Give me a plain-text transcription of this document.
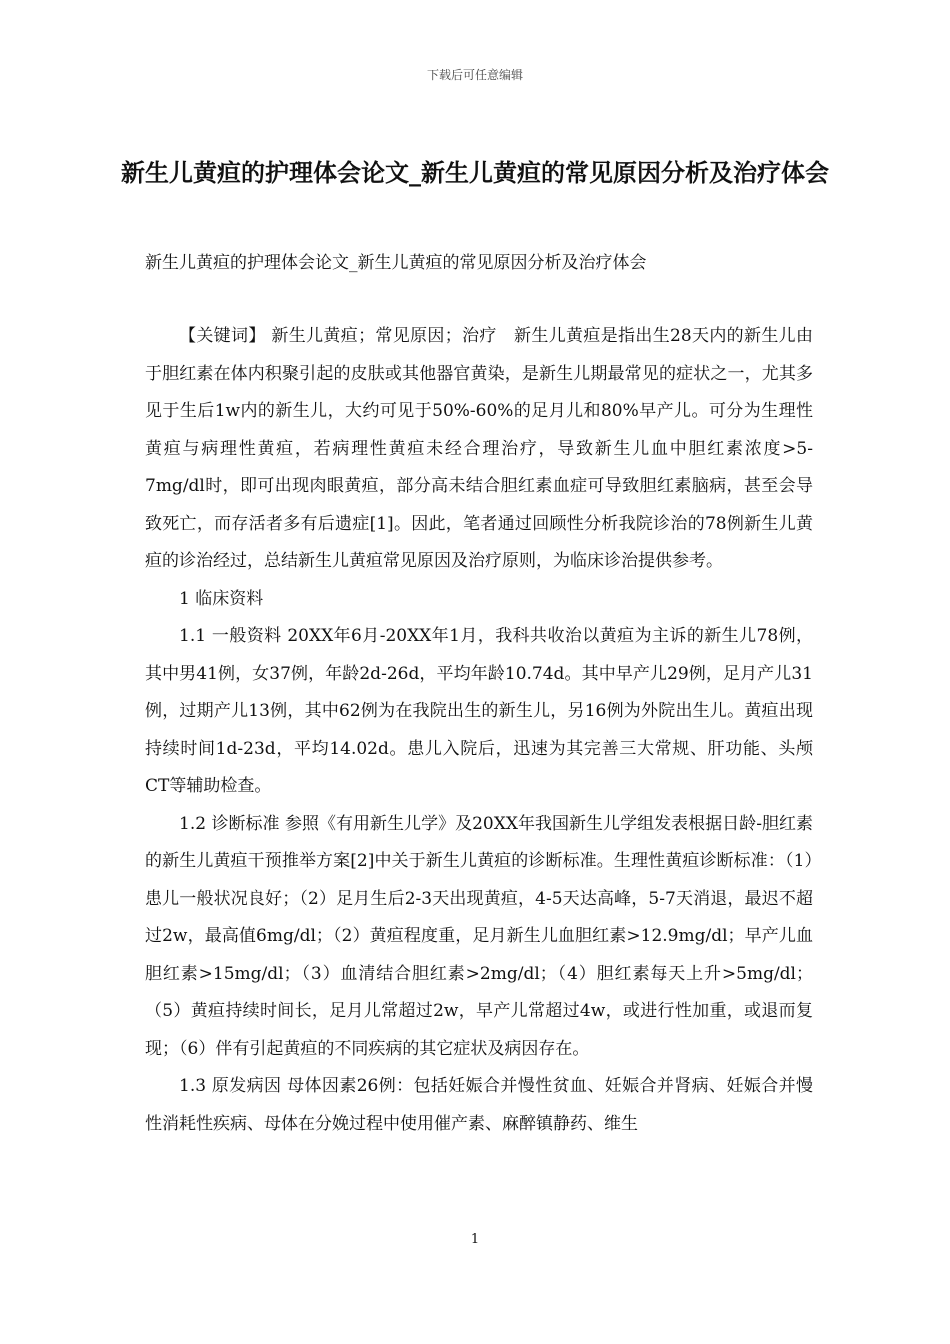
下载后可任意编辑
新生儿黄疸的护理体会论文_新生儿黄疸的常见原因分析及治疗体会

新生儿黄疸的护理体会论文_新生儿黄疸的常见原因分析及治疗体会

【关键词】 新生儿黄疸；常见原因；治疗　新生儿黄疸是指出生28天内的新生儿由于胆红素在体内积聚引起的皮肤或其他器官黄染，是新生儿期最常见的症状之一，尤其多见于生后1w内的新生儿，大约可见于50%-60%的足月儿和80%早产儿。可分为生理性黄疸与病理性黄疸，若病理性黄疸未经合理治疗，导致新生儿血中胆红素浓度>5-7mg/dl时，即可出现肉眼黄疸，部分高未结合胆红素血症可导致胆红素脑病，甚至会导致死亡，而存活者多有后遗症[1]。因此，笔者通过回顾性分析我院诊治的78例新生儿黄疸的诊治经过，总结新生儿黄疸常见原因及治疗原则，为临床诊治提供参考。

1 临床资料

1.1 一般资料 20XX年6月-20XX年1月，我科共收治以黄疸为主诉的新生儿78例，其中男41例，女37例，年龄2d-26d，平均年龄10.74d。其中早产儿29例，足月产儿31例，过期产儿13例，其中62例为在我院出生的新生儿，另16例为外院出生儿。黄疸出现持续时间1d-23d，平均14.02d。患儿入院后，迅速为其完善三大常规、肝功能、头颅CT等辅助检查。

1.2 诊断标准 参照《有用新生儿学》及20XX年我国新生儿学组发表根据日龄-胆红素的新生儿黄疸干预推举方案[2]中关于新生儿黄疸的诊断标准。生理性黄疸诊断标准：（1）患儿一般状况良好；（2）足月生后2-3天出现黄疸，4-5天达高峰，5-7天消退，最迟不超过2w，最高值6mg/dl；（2）黄疸程度重，足月新生儿血胆红素>12.9mg/dl；早产儿血胆红素>15mg/dl；（3）血清结合胆红素>2mg/dl；（4）胆红素每天上升>5mg/dl；（5）黄疸持续时间长，足月儿常超过2w，早产儿常超过4w，或进行性加重，或退而复现；（6）伴有引起黄疸的不同疾病的其它症状及病因存在。

1.3 原发病因 母体因素26例：包括妊娠合并慢性贫血、妊娠合并肾病、妊娠合并慢性消耗性疾病、母体在分娩过程中使用催产素、麻醉镇静药、维生

1
